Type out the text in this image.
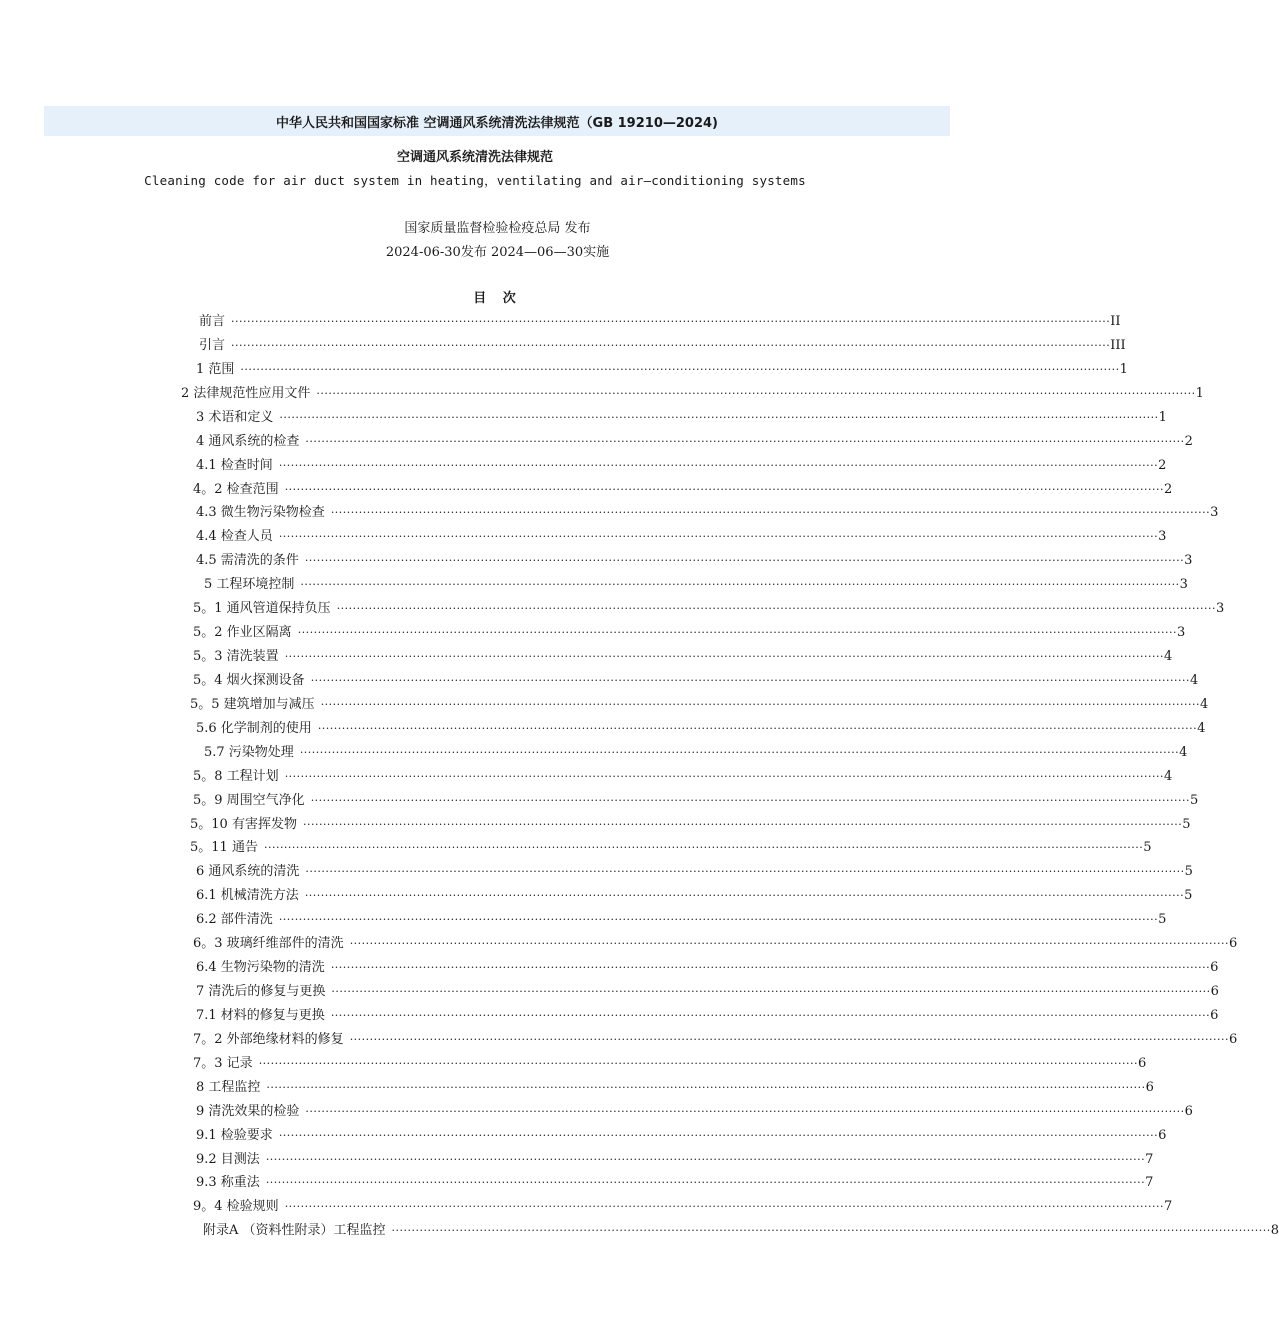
中华人民共和国国家标准 空调通风系统清洗法律规范（GB 19210—2024)
空调通风系统清洗法律规范
Cleaning code for air duct system in heating，ventilating and air—conditioning systems
国家质量监督检验检疫总局 发布
2024-06-30发布 2024—06—30实施
目 次
前言 ···························································································································································································································· II
引言 ···························································································································································································································· III
1 范围 ···························································································································································································································· 1
2 法律规范性应用文件 ···························································································································································································································· 1
3 术语和定义 ···························································································································································································································· 1
4 通风系统的检查 ···························································································································································································································· 2
4.1 检查时间 ···························································································································································································································· 2
4。2 检查范围 ···························································································································································································································· 2
4.3 微生物污染物检查 ···························································································································································································································· 3
4.4 检查人员 ···························································································································································································································· 3
4.5 需清洗的条件 ···························································································································································································································· 3
5 工程环境控制 ···························································································································································································································· 3
5。1 通风管道保持负压 ···························································································································································································································· 3
5。2 作业区隔离 ···························································································································································································································· 3
5。3 清洗装置 ···························································································································································································································· 4
5。4 烟火探测设备 ···························································································································································································································· 4
5。5 建筑增加与减压 ···························································································································································································································· 4
5.6 化学制剂的使用 ···························································································································································································································· 4
5.7 污染物处理 ···························································································································································································································· 4
5。8 工程计划 ···························································································································································································································· 4
5。9 周围空气净化 ···························································································································································································································· 5
5。10 有害挥发物 ···························································································································································································································· 5
5。11 通告 ···························································································································································································································· 5
6 通风系统的清洗 ···························································································································································································································· 5
6.1 机械清洗方法 ···························································································································································································································· 5
6.2 部件清洗 ···························································································································································································································· 5
6。3 玻璃纤维部件的清洗 ···························································································································································································································· 6
6.4 生物污染物的清洗 ···························································································································································································································· 6
7 清洗后的修复与更换 ···························································································································································································································· 6
7.1 材料的修复与更换 ···························································································································································································································· 6
7。2 外部绝缘材料的修复 ···························································································································································································································· 6
7。3 记录 ···························································································································································································································· 6
8 工程监控 ···························································································································································································································· 6
9 清洗效果的检验 ···························································································································································································································· 6
9.1 检验要求 ···························································································································································································································· 6
9.2 目测法 ···························································································································································································································· 7
9.3 称重法 ···························································································································································································································· 7
9。4 检验规则 ···························································································································································································································· 7
附录A （资料性附录）工程监控 ···························································································································································································································· 8
